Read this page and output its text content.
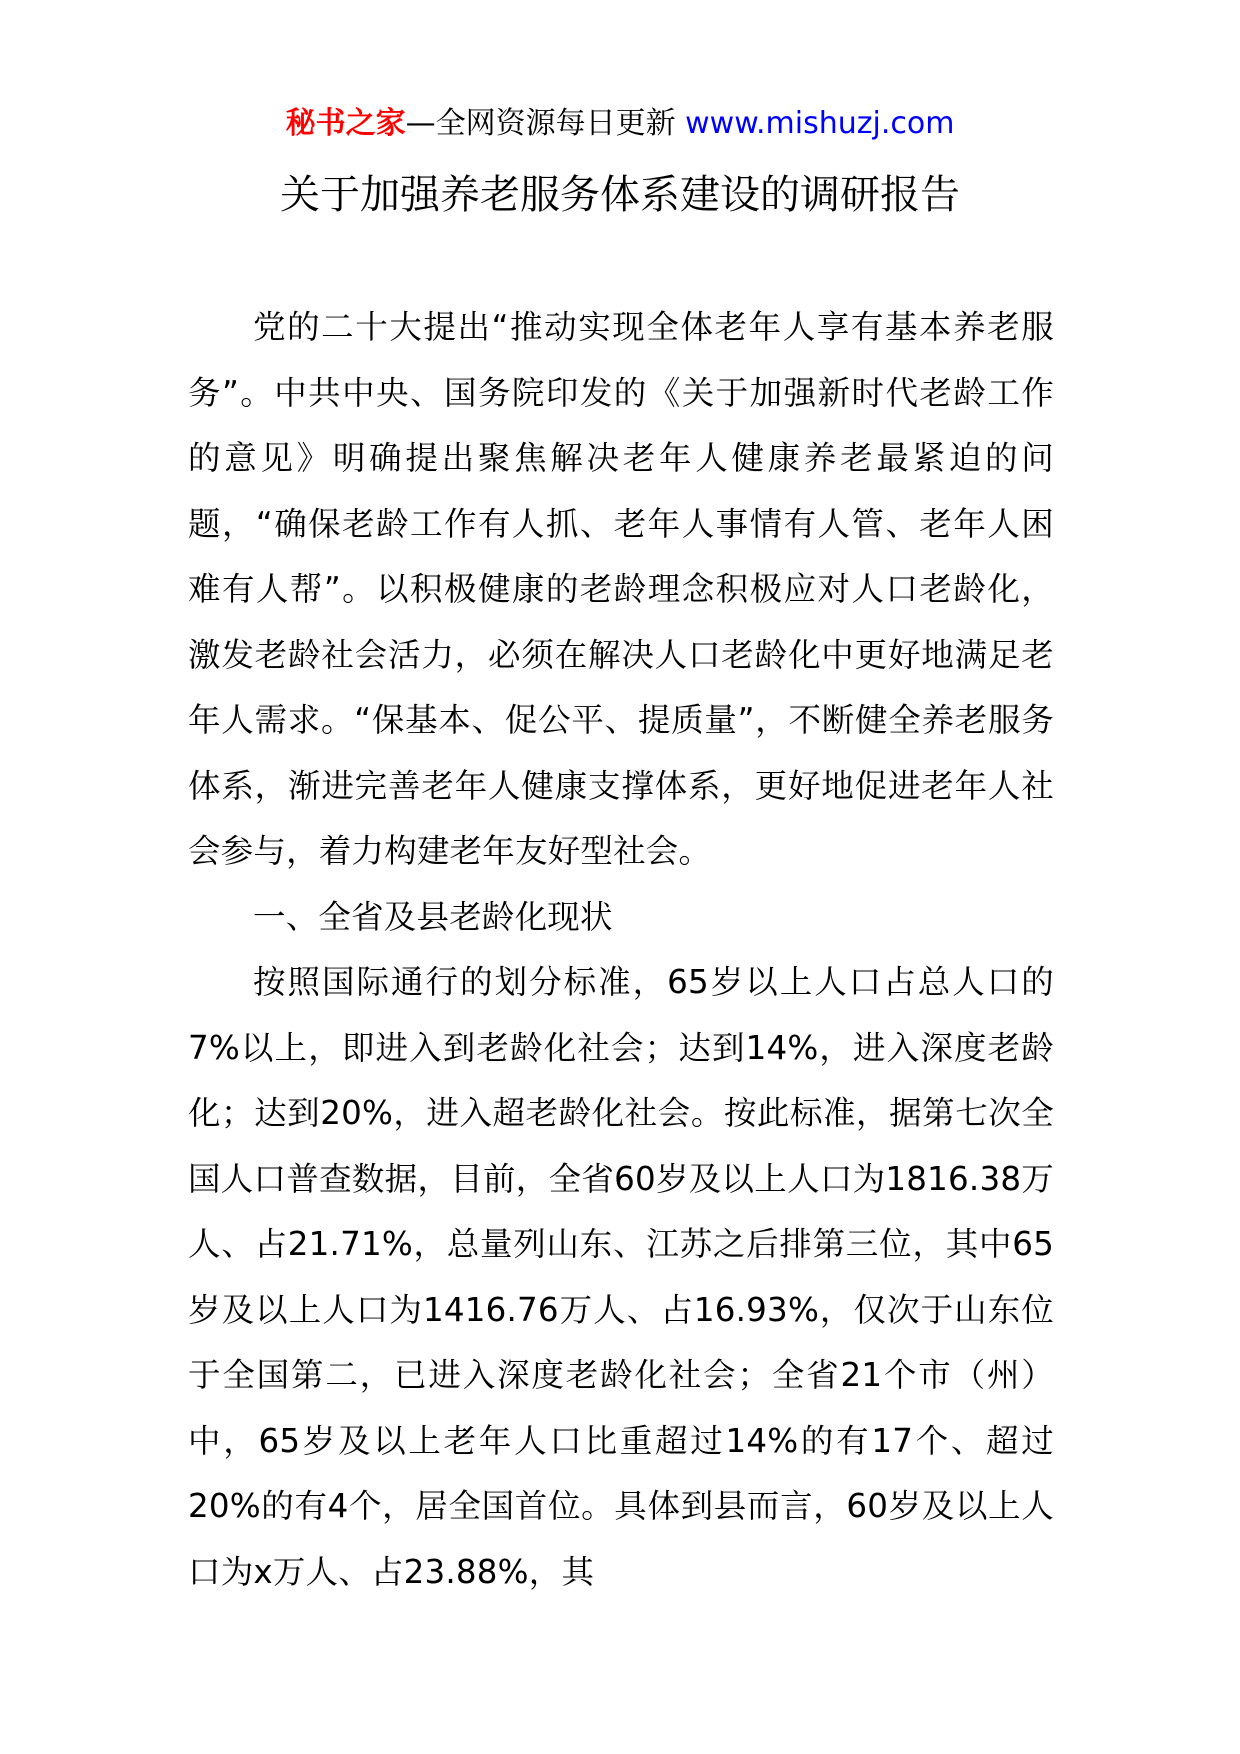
秘书之家—全网资源每日更新 www.mishuzj.com
关于加强养老服务体系建设的调研报告

党的二十大提出“推动实现全体老年人享有基本养老服务”。中共中央、国务院印发的《关于加强新时代老龄工作的意见》明确提出聚焦解决老年人健康养老最紧迫的问题，“确保老龄工作有人抓、老年人事情有人管、老年人困难有人帮”。以积极健康的老龄理念积极应对人口老龄化，激发老龄社会活力，必须在解决人口老龄化中更好地满足老年人需求。“保基本、促公平、提质量”，不断健全养老服务体系，渐进完善老年人健康支撑体系，更好地促进老年人社会参与，着力构建老年友好型社会。

一、全省及县老龄化现状

按照国际通行的划分标准，65岁以上人口占总人口的7%以上，即进入到老龄化社会；达到14%，进入深度老龄化；达到20%，进入超老龄化社会。按此标准，据第七次全国人口普查数据，目前，全省60岁及以上人口为1816.38万人、占21.71%，总量列山东、江苏之后排第三位，其中65岁及以上人口为1416.76万人、占16.93%，仅次于山东位于全国第二，已进入深度老龄化社会；全省21个市（州）中，65岁及以上老年人口比重超过14%的有17个、超过20%的有4个，居全国首位。具体到县而言，60岁及以上人口为x万人、占23.88%，其
